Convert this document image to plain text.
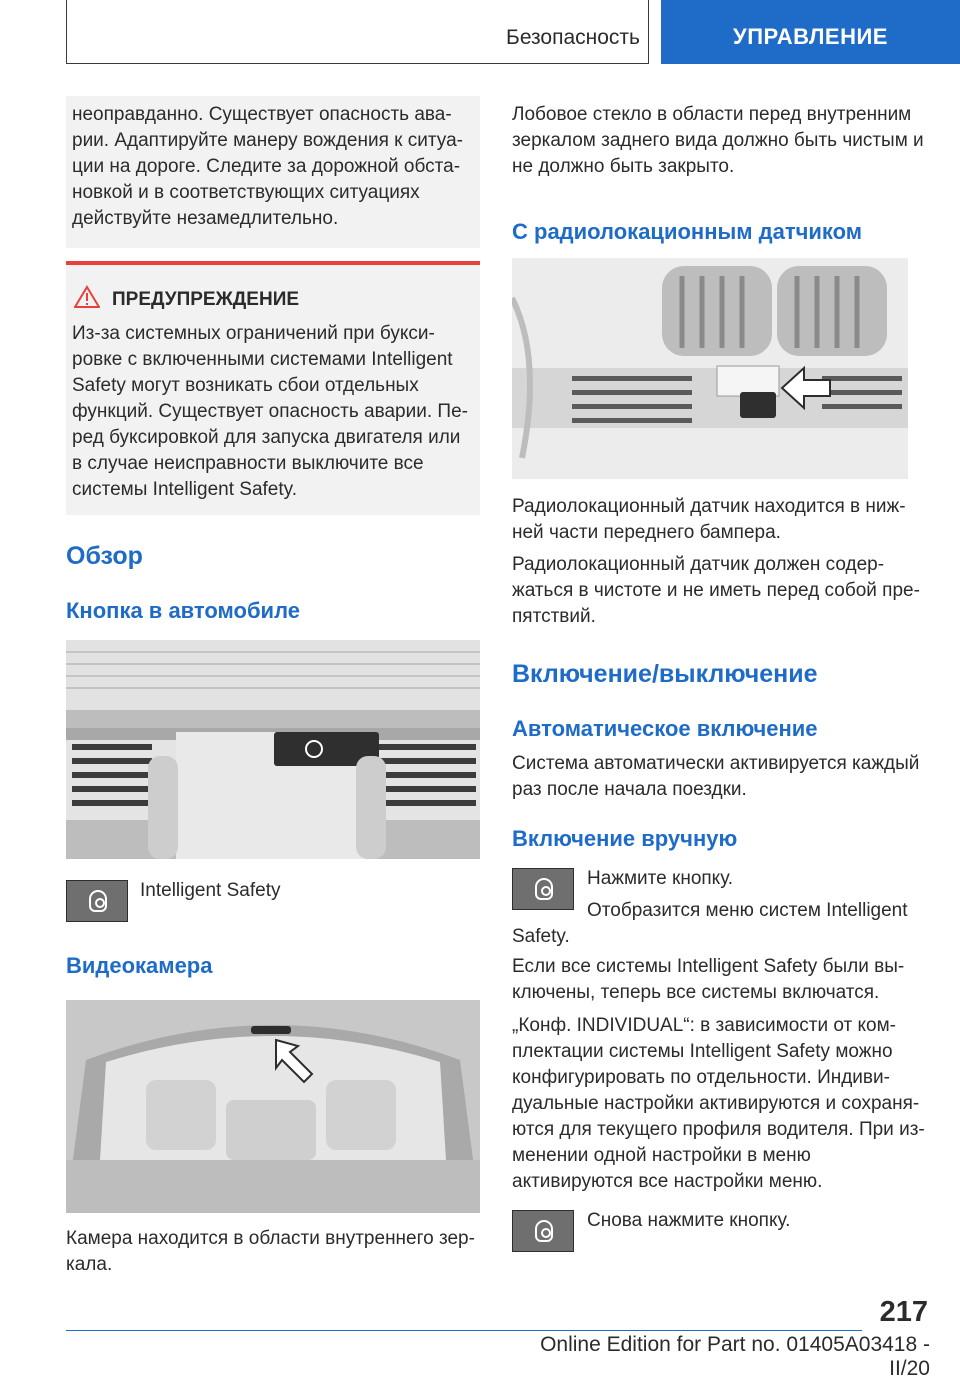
Безопасность	УПРАВЛЕНИЕ

неоправданно. Существует опасность ава-

рии. Адаптируйте манеру вождения к ситуа-

ции на дороге. Следите за дорожной обста-

новкой и в соответствующих ситуациях

действуйте незамедлительно.

ПРЕДУПРЕЖДЕНИЕ

Из-за системных ограничений при букси-

ровке с включенными системами Intelligent

Safety могут возникать сбои отдельных

функций. Существует опасность аварии. Пе-

ред буксировкой для запуска двигателя или

в случае неисправности выключите все

системы Intelligent Safety.

Обзор
Кнопка в автомобиле
Intelligent Safety
Видеокамера

Камера находится в области внутреннего зер-

кала.

Лобовое стекло в области перед внутренним

зеркалом заднего вида должно быть чистым и

не должно быть закрыто.

С радиолокационным датчиком

Радиолокационный датчик находится в ниж-

ней части переднего бампера.

Радиолокационный датчик должен содер-

жаться в чистоте и не иметь перед собой пре-

пятствий.

Включение/выключение
Автоматическое включение

Система автоматически активируется каждый

раз после начала поездки.

Включение вручную
Нажмите кнопку.
Отобразится меню систем Intelligent
Safety.

Если все системы Intelligent Safety были вы-

ключены, теперь все системы включатся.

„Конф. INDIVIDUAL“: в зависимости от ком-

плектации системы Intelligent Safety можно

конфигурировать по отдельности. Индиви-

дуальные настройки активируются и сохраня-

ются для текущего профиля водителя. При из-

менении одной настройки в меню

активируются все настройки меню.

Снова нажмите кнопку.
217
Online Edition for Part no. 01405A03418 - II/20
